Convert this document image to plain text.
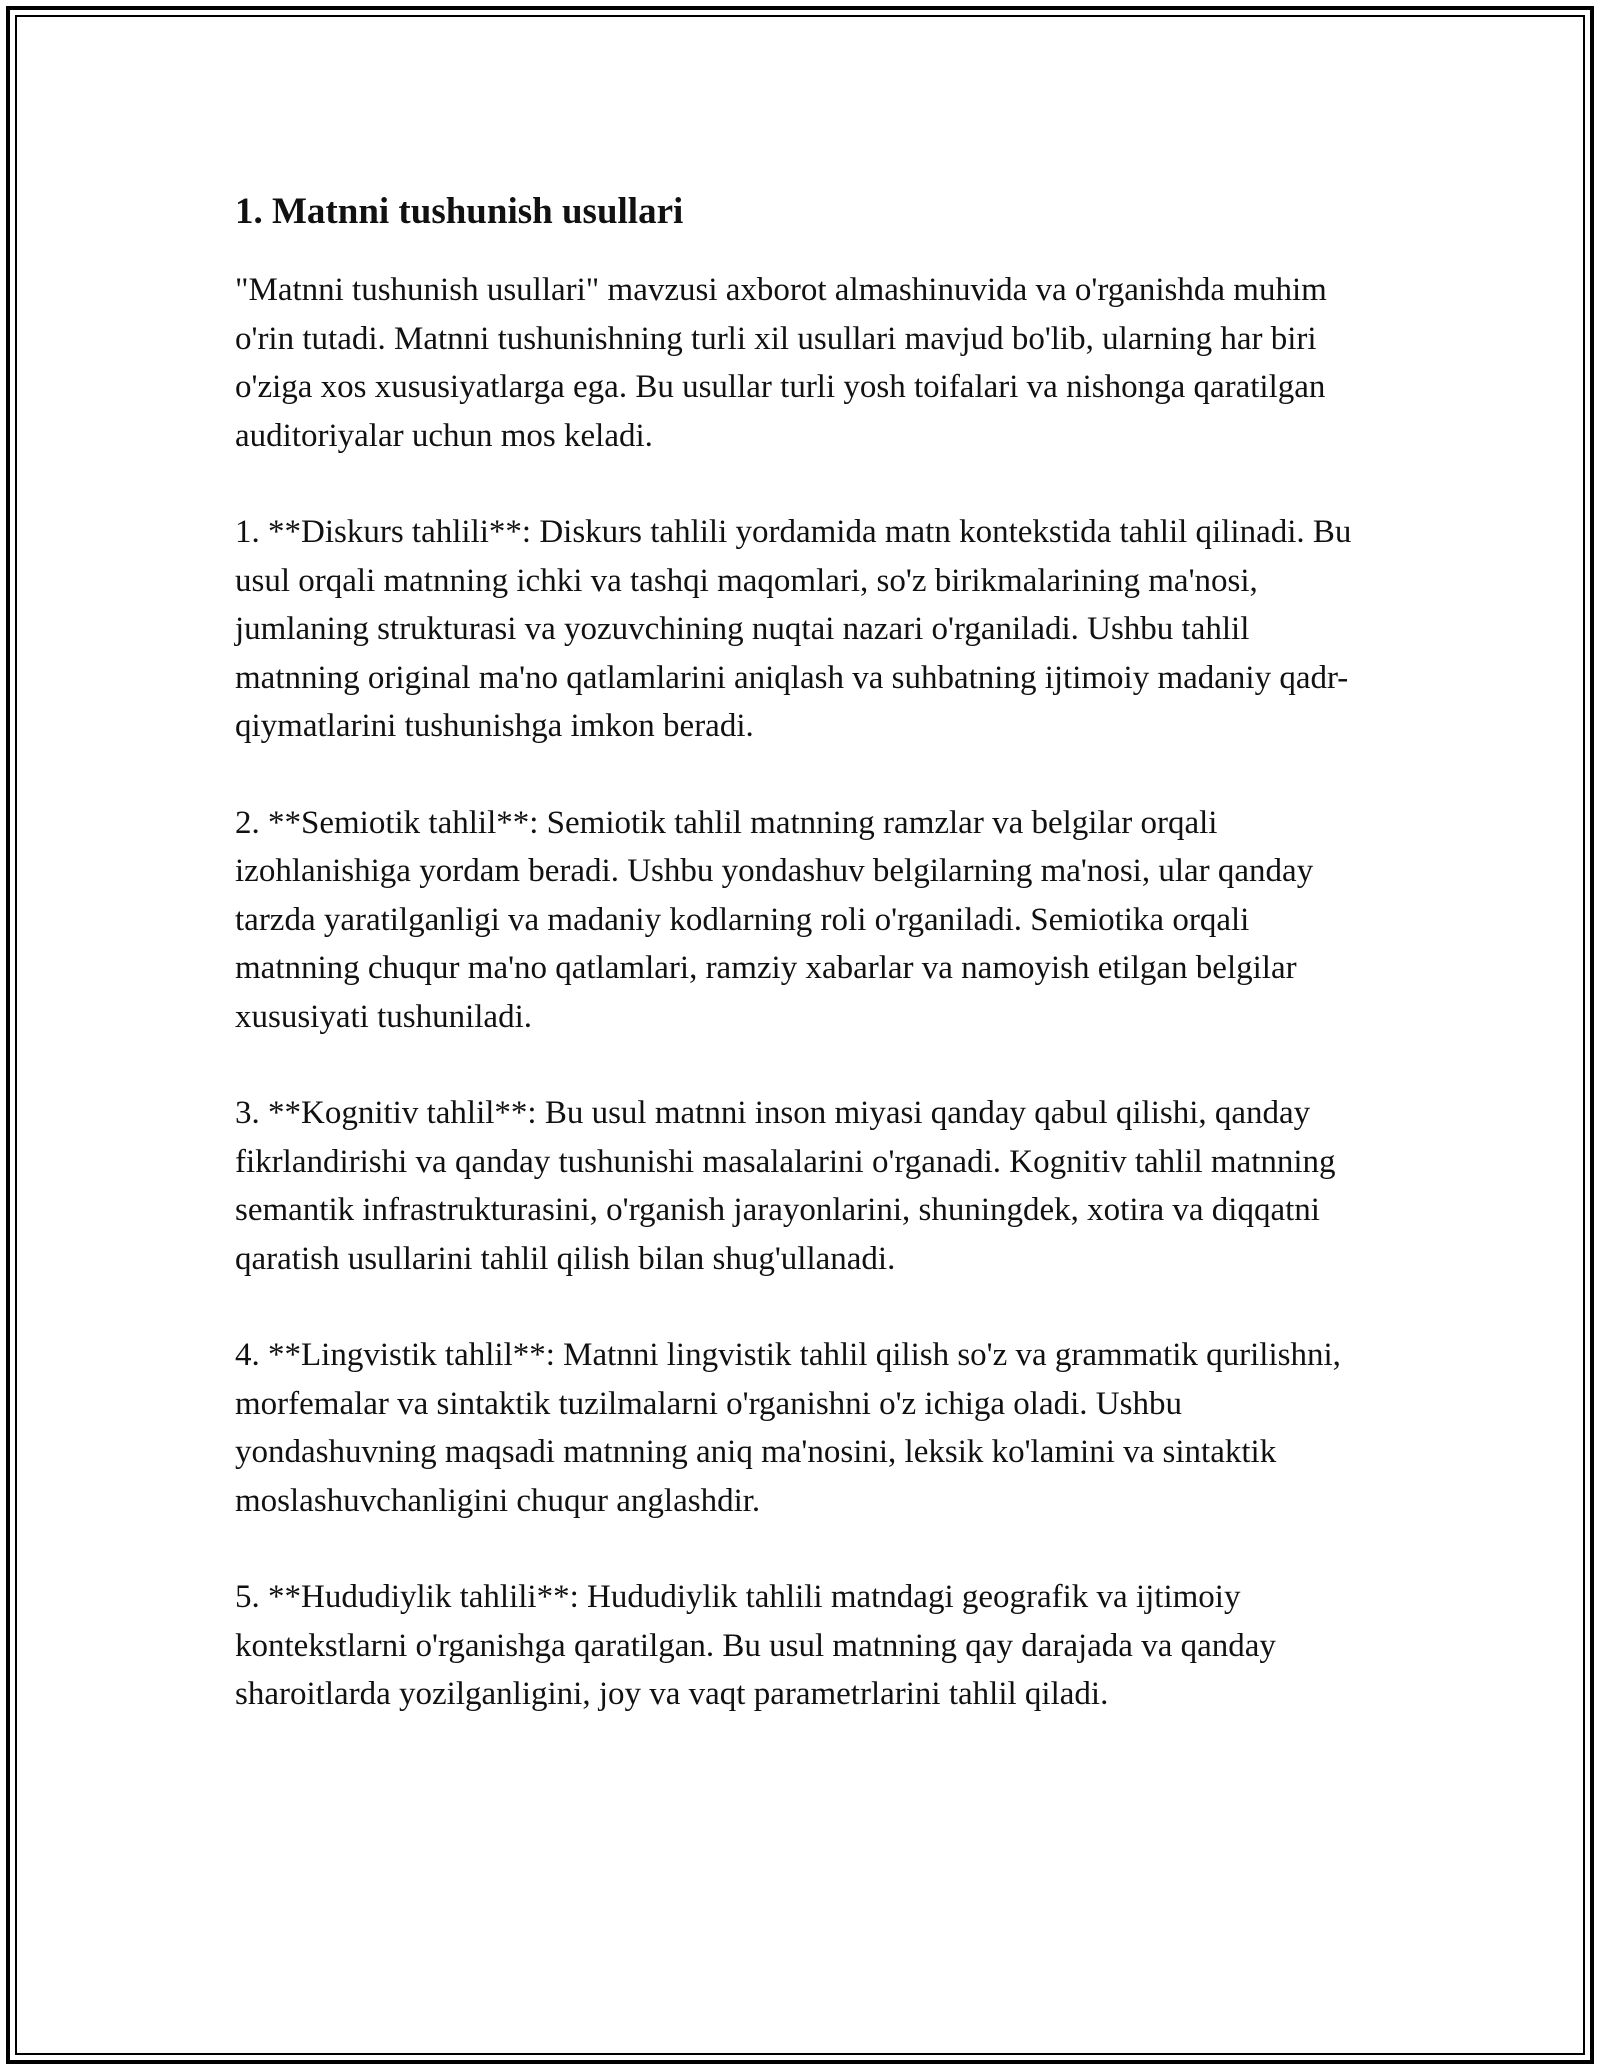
1. Matnni tushunish usullari

"Matnni tushunish usullari" mavzusi axborot almashinuvida va o'rganishda muhim o'rin tutadi. Matnni tushunishning turli xil usullari mavjud bo'lib, ularning har biri o'ziga xos xususiyatlarga ega. Bu usullar turli yosh toifalari va nishonga qaratilgan auditoriyalar uchun mos keladi.

1. **Diskurs tahlili**: Diskurs tahlili yordamida matn kontekstida tahlil qilinadi. Bu usul orqali matnning ichki va tashqi maqomlari, so'z birikmalarining ma'nosi, jumlaning strukturasi va yozuvchining nuqtai nazari o'rganiladi. Ushbu tahlil matnning original ma'no qatlamlarini aniqlash va suhbatning ijtimoiy madaniy qadr-qiymatlarini tushunishga imkon beradi.

2. **Semiotik tahlil**: Semiotik tahlil matnning ramzlar va belgilar orqali izohlanishiga yordam beradi. Ushbu yondashuv belgilarning ma'nosi, ular qanday tarzda yaratilganligi va madaniy kodlarning roli o'rganiladi. Semiotika orqali matnning chuqur ma'no qatlamlari, ramziy xabarlar va namoyish etilgan belgilar xususiyati tushuniladi.

3. **Kognitiv tahlil**: Bu usul matnni inson miyasi qanday qabul qilishi, qanday fikrlandirishi va qanday tushunishi masalalarini o'rganadi. Kognitiv tahlil matnning semantik infrastrukturasini, o'rganish jarayonlarini, shuningdek, xotira va diqqatni qaratish usullarini tahlil qilish bilan shug'ullanadi.

4. **Lingvistik tahlil**: Matnni lingvistik tahlil qilish so'z va grammatik qurilishni, morfemalar va sintaktik tuzilmalarni o'rganishni o'z ichiga oladi. Ushbu yondashuvning maqsadi matnning aniq ma'nosini, leksik ko'lamini va sintaktik moslashuvchanligini chuqur anglashdir.

5. **Hududiylik tahlili**: Hududiylik tahlili matndagi geografik va ijtimoiy kontekstlarni o'rganishga qaratilgan. Bu usul matnning qay darajada va qanday sharoitlarda yozilganligini, joy va vaqt parametrlarini tahlil qiladi.
